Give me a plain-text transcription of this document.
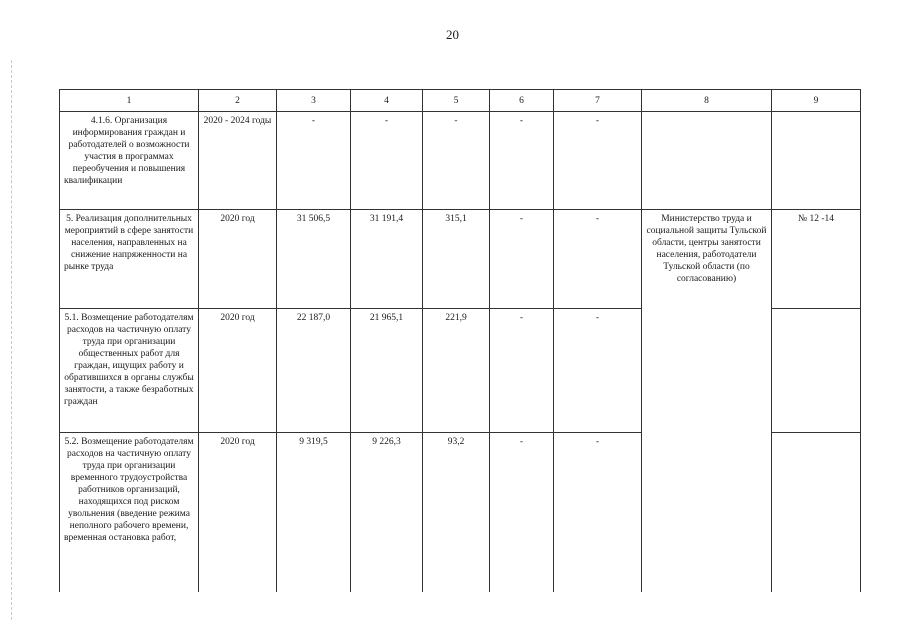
20
1	2	3	4	5	6	7	8	9
4.1.6. Организация информирования граждан и работодателей о возможности участия в программах переобучения и повышения квалификации	2020 - 2024 годы	-	-	-	-	-		
5. Реализация дополнительных мероприятий в сфере занятости населения, направленных на снижение напряженности на рынке труда	2020 год	31 506,5	31 191,4	315,1	-	-	Министерство труда и социальной защиты Тульской области, центры занятости населения, работодатели Тульской области (по согласованию)	№ 12 -14
5.1. Возмещение работодателям расходов на частичную оплату труда при организации общественных работ для граждан, ищущих работу и обратившихся в органы службы занятости, а также безработных граждан	2020 год	22 187,0	21 965,1	221,9	-	-		
5.2. Возмещение работодателям расходов на частичную оплату труда при организации временного трудоустройства работников организаций, находящихся под риском увольнения (введение режима неполного рабочего времени, временная остановка работ,	2020 год	9 319,5	9 226,3	93,2	-	-		
